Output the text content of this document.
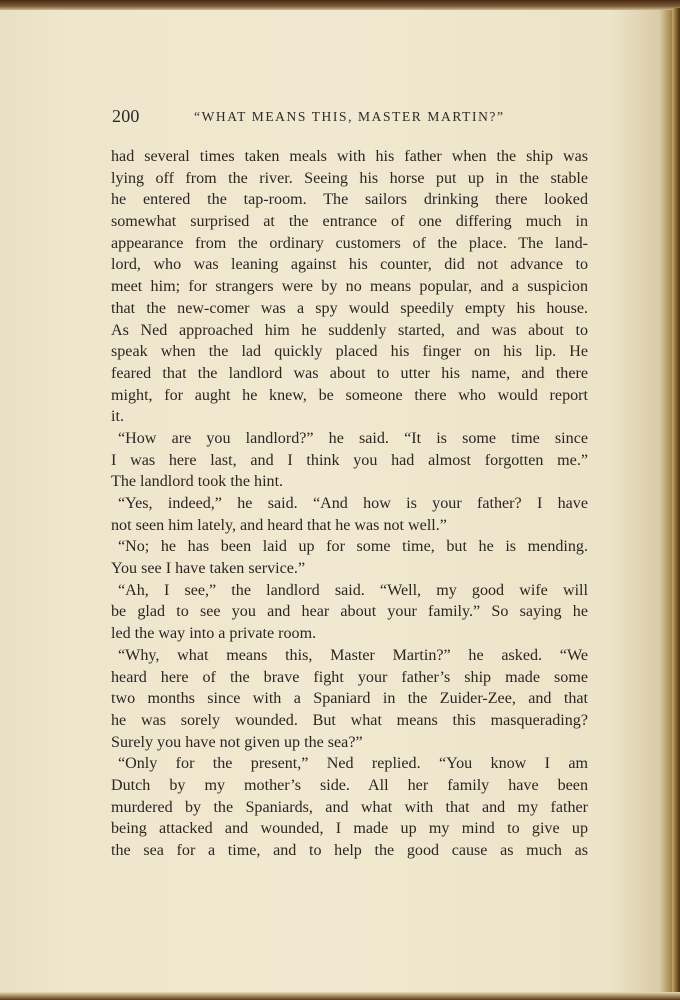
200	“WHAT MEANS THIS, MASTER MARTIN?”
had several times taken meals with his father when the ship was
lying off from the river. Seeing his horse put up in the stable
he entered the tap-room. The sailors drinking there looked
somewhat surprised at the entrance of one differing much in
appearance from the ordinary customers of the place. The land-
lord, who was leaning against his counter, did not advance to
meet him; for strangers were by no means popular, and a suspicion
that the new-comer was a spy would speedily empty his house.
As Ned approached him he suddenly started, and was about to
speak when the lad quickly placed his finger on his lip. He
feared that the landlord was about to utter his name, and there
might, for aught he knew, be someone there who would report
it.
“How are you landlord?” he said. “It is some time since
I was here last, and I think you had almost forgotten me.”
The landlord took the hint.
“Yes, indeed,” he said. “And how is your father? I have
not seen him lately, and heard that he was not well.”
“No; he has been laid up for some time, but he is mending.
You see I have taken service.”
“Ah, I see,” the landlord said. “Well, my good wife will
be glad to see you and hear about your family.” So saying he
led the way into a private room.
“Why, what means this, Master Martin?” he asked. “We
heard here of the brave fight your father’s ship made some
two months since with a Spaniard in the Zuider-Zee, and that
he was sorely wounded. But what means this masquerading?
Surely you have not given up the sea?”
“Only for the present,” Ned replied. “You know I am
Dutch by my mother’s side. All her family have been
murdered by the Spaniards, and what with that and my father
being attacked and wounded, I made up my mind to give up
the sea for a time, and to help the good cause as much as
